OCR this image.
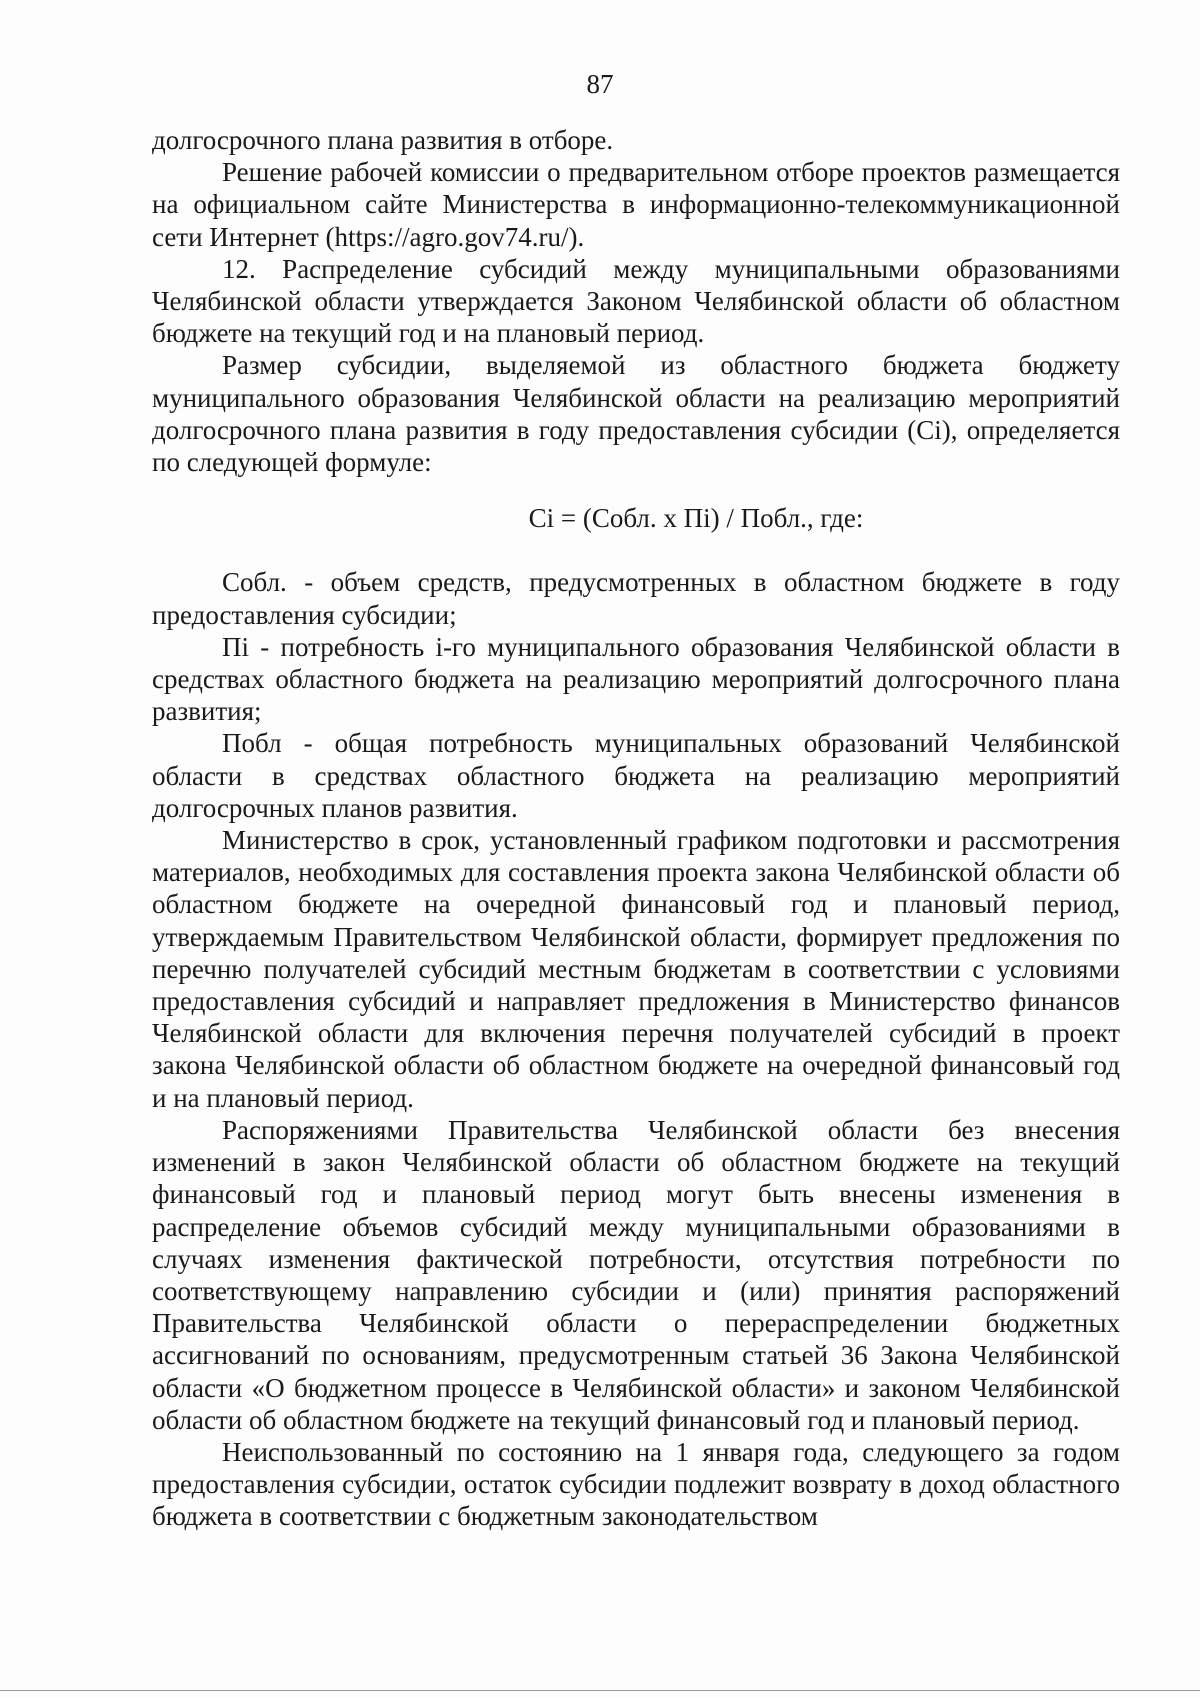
87

долгосрочного плана развития в отборе.

Решение рабочей комиссии о предварительном отборе проектов размещается на официальном сайте Министерства в информационно-телекоммуникационной сети Интернет (https://agro.gov74.ru/).

12. Распределение субсидий между муниципальными образованиями Челябинской области утверждается Законом Челябинской области об областном бюджете на текущий год и на плановый период.

Размер субсидии, выделяемой из областного бюджета бюджету муниципального образования Челябинской области на реализацию мероприятий долгосрочного плана развития в году предоставления субсидии (Сi), определяется по следующей формуле:

Сi = (Собл. x Пi) / Побл., где:

Собл. - объем средств, предусмотренных в областном бюджете в году предоставления субсидии;

Пi - потребность i-го муниципального образования Челябинской области в средствах областного бюджета на реализацию мероприятий долгосрочного плана развития;

Побл - общая потребность муниципальных образований Челябинской области в средствах областного бюджета на реализацию мероприятий долгосрочных планов развития.

Министерство в срок, установленный графиком подготовки и рассмотрения материалов, необходимых для составления проекта закона Челябинской области об областном бюджете на очередной финансовый год и плановый период, утверждаемым Правительством Челябинской области, формирует предложения по перечню получателей субсидий местным бюджетам в соответствии с условиями предоставления субсидий и направляет предложения в Министерство финансов Челябинской области для включения перечня получателей субсидий в проект закона Челябинской области об областном бюджете на очередной финансовый год и на плановый период.

Распоряжениями Правительства Челябинской области без внесения изменений в закон Челябинской области об областном бюджете на текущий финансовый год и плановый период могут быть внесены изменения в распределение объемов субсидий между муниципальными образованиями в случаях изменения фактической потребности, отсутствия потребности по соответствующему направлению субсидии и (или) принятия распоряжений Правительства Челябинской области о перераспределении бюджетных ассигнований по основаниям, предусмотренным статьей 36 Закона Челябинской области «О бюджетном процессе в Челябинской области» и законом Челябинской области об областном бюджете на текущий финансовый год и плановый период.

Неиспользованный по состоянию на 1 января года, следующего за годом предоставления субсидии, остаток субсидии подлежит возврату в доход областного бюджета в соответствии с бюджетным законодательством
